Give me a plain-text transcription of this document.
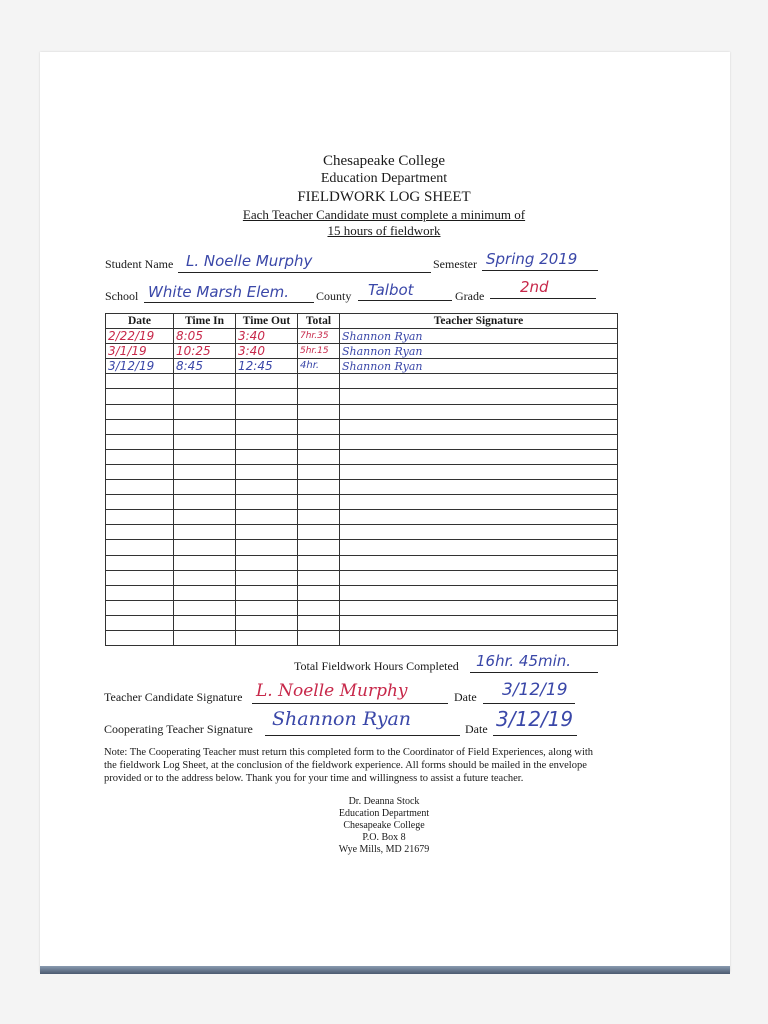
Chesapeake College
Education Department
FIELDWORK LOG SHEET
Each Teacher Candidate must complete a minimum of
15 hours of fieldwork
Student Name L. Noelle Murphy	Semester Spring 2019
School White Marsh Elem. County Talbot	Grade 2nd
Date	Time In	Time Out	Total	Teacher Signature
2/22/19	8:05	3:40	7hr.35	Shannon Ryan
3/1/19	10:25	3:40	5hr.15	Shannon Ryan
3/12/19	8:45	12:45	4hr.	Shannon Ryan

Total Fieldwork Hours Completed 16hr. 45min.
Teacher Candidate Signature L. Noelle Murphy	Date 3/12/19
Cooperating Teacher Signature Shannon Ryan	Date 3/12/19
Note: The Cooperating Teacher must return this completed form to the Coordinator of Field Experiences, along with the fieldwork Log Sheet, at the conclusion of the fieldwork experience. All forms should be mailed in the envelope provided or to the address below. Thank you for your time and willingness to assist a future teacher.
Dr. Deanna Stock
Education Department
Chesapeake College
P.O. Box 8
Wye Mills, MD 21679
